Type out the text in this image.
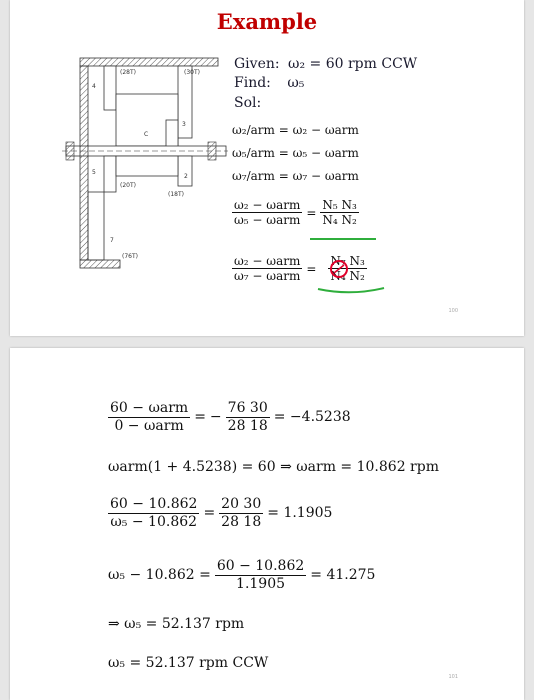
Example
(28T)	(30T)
4
C
3
5
2
(20T)
(18T)
7
(76T)
Given: ω₂ = 60 rpm CCW
Find: ω₅
Sol:
ω₂/arm = ω₂ − ωarm
ω₅/arm = ω₅ − ωarm
ω₇/arm = ω₇ − ωarm
$\frac{\text{ω₂ − ωarm}}{\text{ω₅ − ωarm}} = \frac{\text{N₅ N₃}}{\text{N₄ N₂}}$
$\frac{\text{ω₂ − ωarm}}{\text{ω₇ − ωarm}} = \frac{\text{N₇ N₃}}{\text{N₄ N₂}}$
100
$\frac{\text{60 − ωarm}}{\text{0 − ωarm}}$ = − $\frac{76 30}{28 18} = -4.5238$
ωarm(1 + 4.5238) = 60 ⇒ ωarm = 10.862 rpm
$\frac{60 - 10.862}{\text{ω₅ − 10.862}} = \frac{20 30}{28 18} = 1.1905$
$\omega_5 - 10.862 = \frac{60 - 10.862}{1.1905} = 41.275$
⇒ ω₅ = 52.137 rpm
ω₅ = 52.137 rpm CCW
101
